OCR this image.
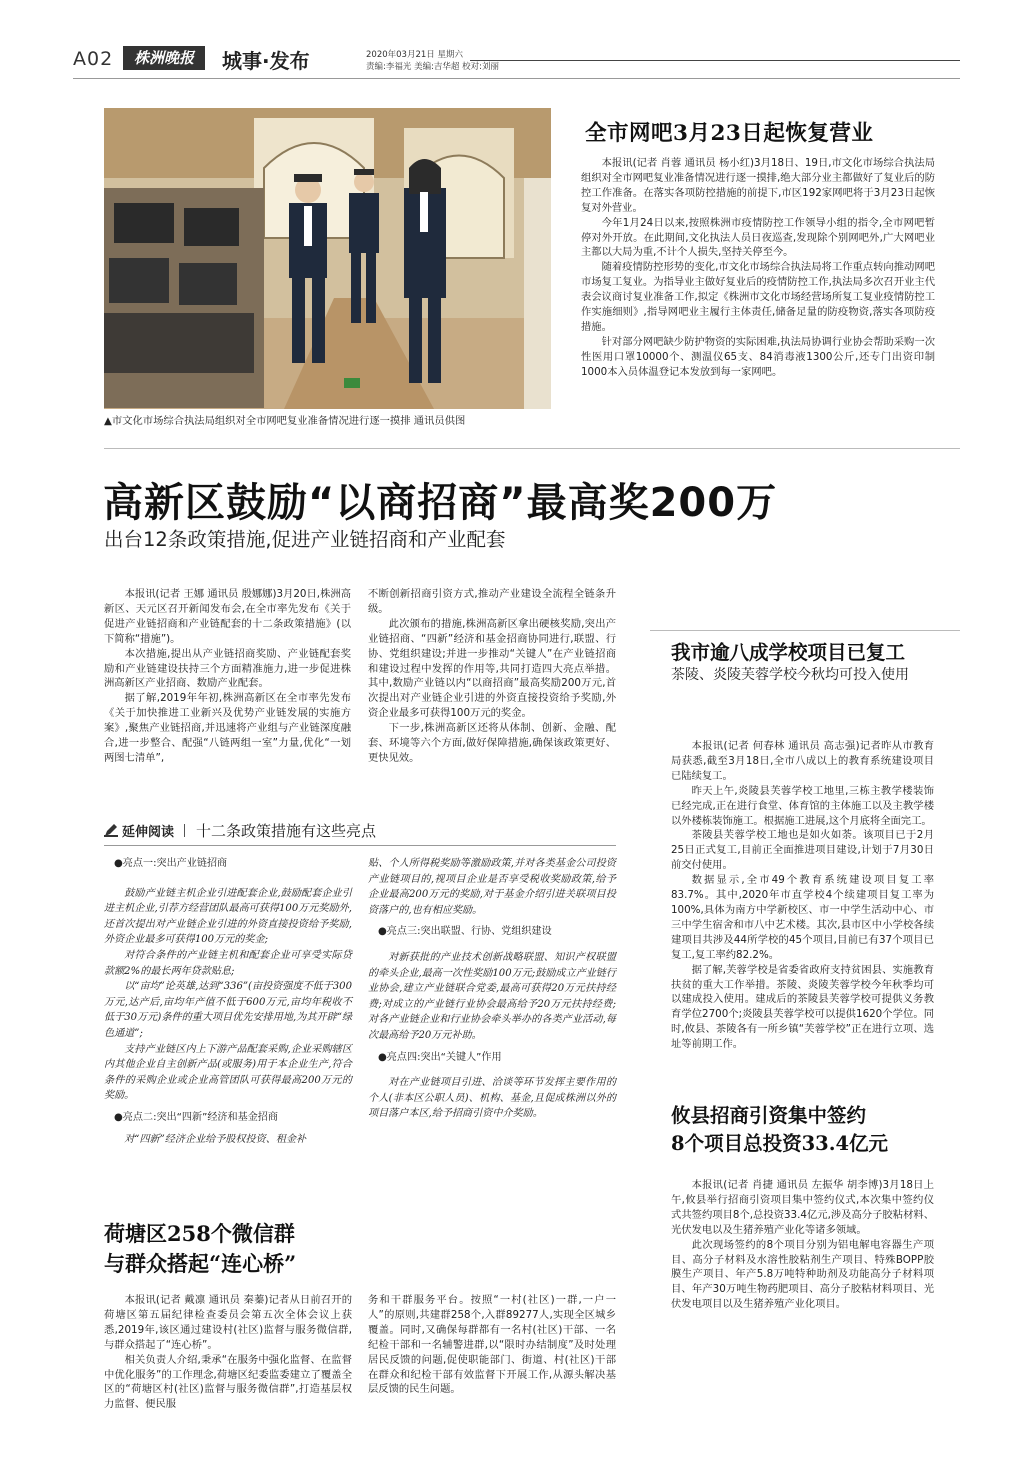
A02	株洲晚报	城事·发布	2020年03月21日 星期六
责编:李福光 美编:吉华超 校对:刘丽
▲市文化市场综合执法局组织对全市网吧复业准备情况进行逐一摸排 通讯员供图
全市网吧3月23日起恢复营业

本报讯(记者 肖蓉 通讯员 杨小红)3月18日、19日,市文化市场综合执法局组织对全市网吧复业准备情况进行逐一摸排,绝大部分业主都做好了复业后的防控工作准备。在落实各项防控措施的前提下,市区192家网吧将于3月23日起恢复对外营业。

今年1月24日以来,按照株洲市疫情防控工作领导小组的指令,全市网吧暂停对外开放。在此期间,文化执法人员日夜巡查,发现除个别网吧外,广大网吧业主都以大局为重,不计个人损失,坚持关停至今。

随着疫情防控形势的变化,市文化市场综合执法局将工作重点转向推动网吧市场复工复业。为指导业主做好复业后的疫情防控工作,执法局多次召开业主代表会议商讨复业准备工作,拟定《株洲市文化市场经营场所复工复业疫情防控工作实施细则》,指导网吧业主履行主体责任,储备足量的防疫物资,落实各项防疫措施。

针对部分网吧缺少防护物资的实际困难,执法局协调行业协会帮助采购一次性医用口罩10000个、测温仪65支、84消毒液1300公斤,还专门出资印制1000本入员体温登记本发放到每一家网吧。

高新区鼓励“以商招商”最高奖200万
出台12条政策措施,促进产业链招商和产业配套

本报讯(记者 王娜 通讯员 殷娜娜)3月20日,株洲高新区、天元区召开新闻发布会,在全市率先发布《关于促进产业链招商和产业链配套的十二条政策措施》(以下简称“措施”)。

本次措施,提出从产业链招商奖励、产业链配套奖励和产业链建设扶持三个方面精准施力,进一步促进株洲高新区产业招商、数励产业配套。

据了解,2019年年初,株洲高新区在全市率先发布《关于加快推进工业新兴及优势产业链发展的实施方案》,聚焦产业链招商,并迅速将产业组与产业链深度融合,进一步整合、配强“八链两组一室”力量,优化“一划两图七清单”,

不断创新招商引资方式,推动产业建设全流程全链条升级。

此次颁布的措施,株洲高新区拿出硬核奖励,突出产业链招商、“四新”经济和基金招商协同进行,联盟、行协、党组织建设;并进一步推动“关键人”在产业链招商和建设过程中发挥的作用等,共同打造四大亮点举措。其中,数励产业链以内“以商招商”最高奖励200万元,首次提出对产业链企业引进的外资直接投资给予奖励,外资企业最多可获得100万元的奖金。

下一步,株洲高新区还将从体制、创新、金融、配套、环境等六个方面,做好保障措施,确保该政策更好、更快见效。

延伸阅读 十二条政策措施有这些亮点
●亮点一:突出产业链招商

鼓励产业链主机企业引进配套企业,鼓励配套企业引进主机企业,引荐方经营团队最高可获得100万元奖励外,还首次提出对产业链企业引进的外资直接投资给予奖励,外资企业最多可获得100万元的奖金;

对符合条件的产业链主机和配套企业可享受实际贷款额2%的最长两年贷款贴息;

以“亩均”论英雄,达到“336”(亩投资强度不低于300万元,达产后,亩均年产值不低于600万元,亩均年税收不低于30万元)条件的重大项目优先安排用地,为其开辟“绿色通道”;

支持产业链区内上下游产品配套采购,企业采购辖区内其他企业自主创新产品(或服务)用于本企业生产,符合条件的采购企业或企业高管团队可获得最高200万元的奖励。

●亮点二:突出“四新”经济和基金招商

对“四新”经济企业给予股权投资、租金补

贴、个人所得税奖励等激励政策,并对各类基金公司投资产业链项目的,视项目企业是否享受税收奖励政策,给予企业最高200万元的奖励,对于基金介绍引进关联项目投资落户的,也有相应奖励。

●亮点三:突出联盟、行协、党组织建设

对新获批的产业技术创新战略联盟、知识产权联盟的牵头企业,最高一次性奖励100万元;鼓励成立产业链行业协会,建立产业链联合党委,最高可获得20万元扶持经费;对成立的产业链行业协会最高给予20万元扶持经费;对各产业链企业和行业协会牵头举办的各类产业活动,每次最高给予20万元补助。

●亮点四:突出“关键人”作用

对在产业链项目引进、洽谈等环节发挥主要作用的个人(非本区公职人员)、机构、基金,且促成株洲以外的项目落户本区,给予招商引资中介奖励。

我市逾八成学校项目已复工
茶陵、炎陵芙蓉学校今秋均可投入使用

本报讯(记者 何春林 通讯员 高志强)记者昨从市教育局获悉,截至3月18日,全市八成以上的教育系统建设项目已陆续复工。

昨天上午,炎陵县芙蓉学校工地里,三栋主教学楼装饰已经完成,正在进行食堂、体育馆的主体施工以及主教学楼以外楼栋装饰施工。根据施工进展,这个月底将全面完工。

茶陵县芙蓉学校工地也是如火如荼。该项目已于2月25日正式复工,目前正全面推进项目建设,计划于7月30日前交付使用。

数据显示,全市49个教育系统建设项目复工率83.7%。其中,2020年市直学校4个续建项目复工率为100%,具体为南方中学新校区、市一中学生活动中心、市三中学生宿舍和市八中艺术楼。其次,县市区中小学校各续建项目共涉及44所学校的45个项目,目前已有37个项目已复工,复工率约82.2%。

据了解,芙蓉学校是省委省政府支持贫困县、实施教育扶贫的重大工作举措。茶陵、炎陵芙蓉学校今年秋季均可以建成投入使用。建成后的茶陵县芙蓉学校可提供义务教育学位2700个;炎陵县芙蓉学校可以提供1620个学位。同时,攸县、茶陵各有一所乡镇“芙蓉学校”正在进行立项、选址等前期工作。

攸县招商引资集中签约
8个项目总投资33.4亿元

本报讯(记者 肖捷 通讯员 左振华 胡李博)3月18日上午,攸县举行招商引资项目集中签约仪式,本次集中签约仪式共签约项目8个,总投资33.4亿元,涉及高分子胶粘材料、光伏发电以及生猪养殖产业化等诸多领域。

此次现场签约的8个项目分别为铝电解电容器生产项目、高分子材料及水溶性胶粘剂生产项目、特殊BOPP胶膜生产项目、年产5.8万吨特种助剂及功能高分子材料项目、年产30万吨生物药肥项目、高分子胶粘材料项目、光伏发电项目以及生猪养殖产业化项目。

荷塘区258个微信群
与群众搭起“连心桥”

本报讯(记者 戴凛 通讯员 秦蓁)记者从日前召开的荷塘区第五届纪律检查委员会第五次全体会议上获悉,2019年,该区通过建设村(社区)监督与服务微信群,与群众搭起了“连心桥”。

相关负责人介绍,秉承“在服务中强化监督、在监督中优化服务”的工作理念,荷塘区纪委监委建立了覆盖全区的“荷塘区村(社区)监督与服务微信群”,打造基层权力监督、便民服

务和干群服务平台。按照“一村(社区)一群,一户一人”的原则,共建群258个,入群89277人,实现全区城乡覆盖。同时,又确保每群都有一名村(社区)干部、一名纪检干部和一名辅警进群,以“限时办结制度”及时处理居民反馈的问题,促使职能部门、街道、村(社区)干部在群众和纪检干部有效监督下开展工作,从源头解决基层反馈的民生问题。
